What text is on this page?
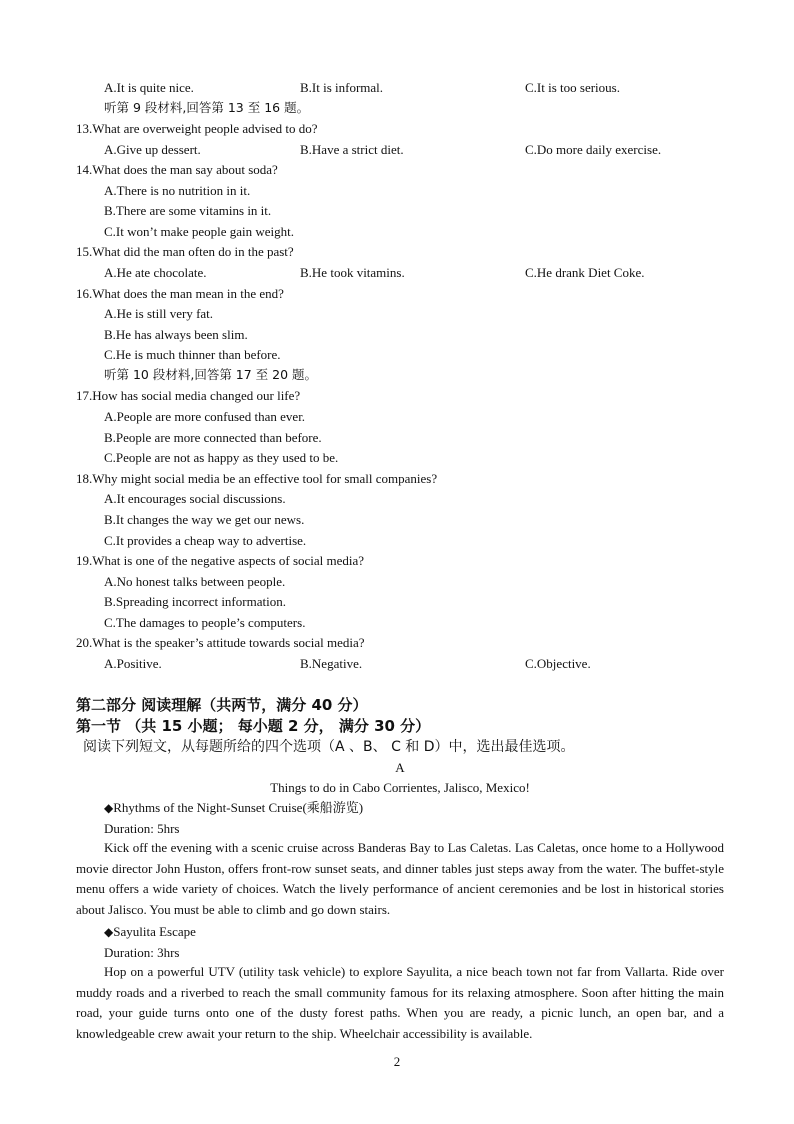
A.It is quite nice.	B.It is informal.	C.It is too serious.
听第 9 段材料,回答第 13 至 16 题。
13.What are overweight people advised to do?
A.Give up dessert.	B.Have a strict diet.	C.Do more daily exercise.
14.What does the man say about soda?
A.There is no nutrition in it.
B.There are some vitamins in it.
C.It won’t make people gain weight.
15.What did the man often do in the past?
A.He ate chocolate.	B.He took vitamins.	C.He drank Diet Coke.
16.What does the man mean in the end?
A.He is still very fat.
B.He has always been slim.
C.He is much thinner than before.
听第 10 段材料,回答第 17 至 20 题。
17.How has social media changed our life?
A.People are more confused than ever.
B.People are more connected than before.
C.People are not as happy as they used to be.
18.Why might social media be an effective tool for small companies?
A.It encourages social discussions.
B.It changes the way we get our news.
C.It provides a cheap way to advertise.
19.What is one of the negative aspects of social media?
A.No honest talks between people.
B.Spreading incorrect information.
C.The damages to people’s computers.
20.What is the speaker’s attitude towards social media?
A.Positive.	B.Negative.	C.Objective.
第二部分 阅读理解（共两节，满分 40 分）
第一节 （共 15 小题； 每小题 2 分， 满分 30 分）
阅读下列短文，从每题所给的四个选项（A 、B、 C 和 D）中，选出最佳选项。
A
Things to do in Cabo Corrientes, Jalisco, Mexico!
◆Rhythms of the Night-Sunset Cruise(乘船游览)
Duration: 5hrs
Kick off the evening with a scenic cruise across Banderas Bay to Las Caletas. Las Caletas, once home to a Hollywood movie director John Huston, offers front-row sunset seats, and dinner tables just steps away from the water. The buffet-style menu offers a wide variety of choices. Watch the lively performance of ancient ceremonies and be lost in historical stories about Jalisco. You must be able to climb and go down stairs.
◆Sayulita Escape
Duration: 3hrs
Hop on a powerful UTV (utility task vehicle) to explore Sayulita, a nice beach town not far from Vallarta. Ride over muddy roads and a riverbed to reach the small community famous for its relaxing atmosphere. Soon after hitting the main road, your guide turns onto one of the dusty forest paths. When you are ready, a picnic lunch, an open bar, and a knowledgeable crew await your return to the ship. Wheelchair accessibility is available.
2
